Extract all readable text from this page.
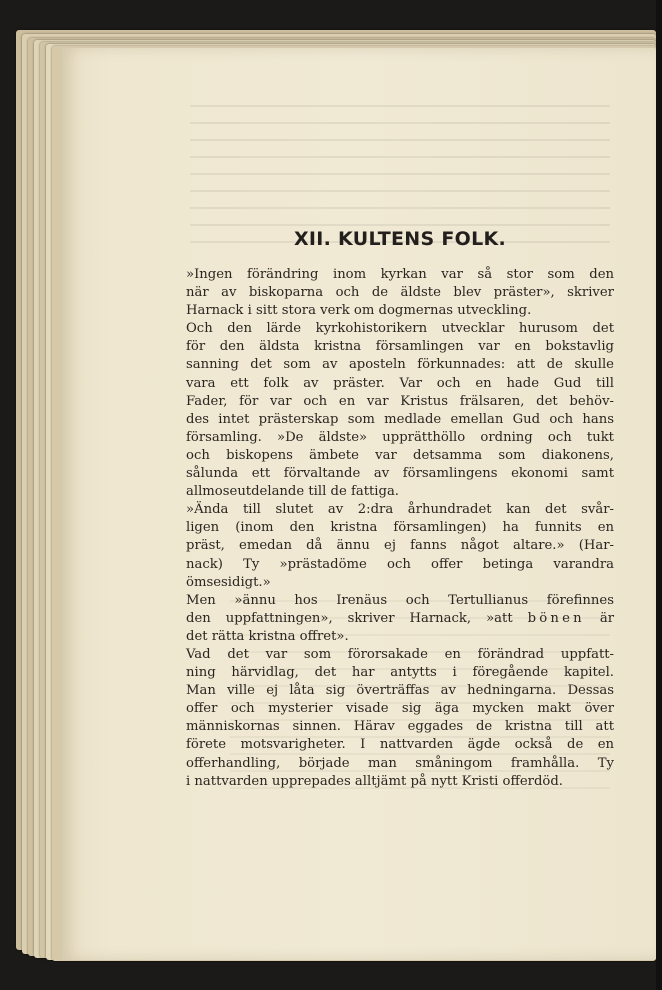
XII. KULTENS FOLK.

»Ingen förändring inom kyrkan var så stor som den
när av biskoparna och de äldste blev präster», skriver
Harnack i sitt stora verk om dogmernas utveckling.

Och den lärde kyrkohistorikern utvecklar hurusom det
för den äldsta kristna församlingen var en bokstavlig
sanning det som av aposteln förkunnades: att de skulle
vara ett folk av präster. Var och en hade Gud till
Fader, för var och en var Kristus frälsaren, det behöv-
des intet prästerskap som medlade emellan Gud och hans
församling. »De äldste» upprätthöllo ordning och tukt
och biskopens ämbete var detsamma som diakonens,
sålunda ett förvaltande av församlingens ekonomi samt
allmoseutdelande till de fattiga.

»Ända till slutet av 2:dra århundradet kan det svår-
ligen (inom den kristna församlingen) ha funnits en
präst, emedan då ännu ej fanns något altare.» (Har-
nack) Ty »prästadöme och offer betinga varandra
ömsesidigt.»

Men »ännu hos Irenäus och Tertullianus förefinnes
den uppfattningen», skriver Harnack, »att bönen är
det rätta kristna offret».

Vad det var som förorsakade en förändrad uppfatt-
ning härvidlag, det har antytts i föregående kapitel.
Man ville ej låta sig överträffas av hedningarna. Dessas
offer och mysterier visade sig äga mycken makt över
människornas sinnen. Härav eggades de kristna till att
förete motsvarigheter. I nattvarden ägde också de en
offerhandling, började man småningom framhålla. Ty
i nattvarden upprepades alltjämt på nytt Kristi offerdöd.
